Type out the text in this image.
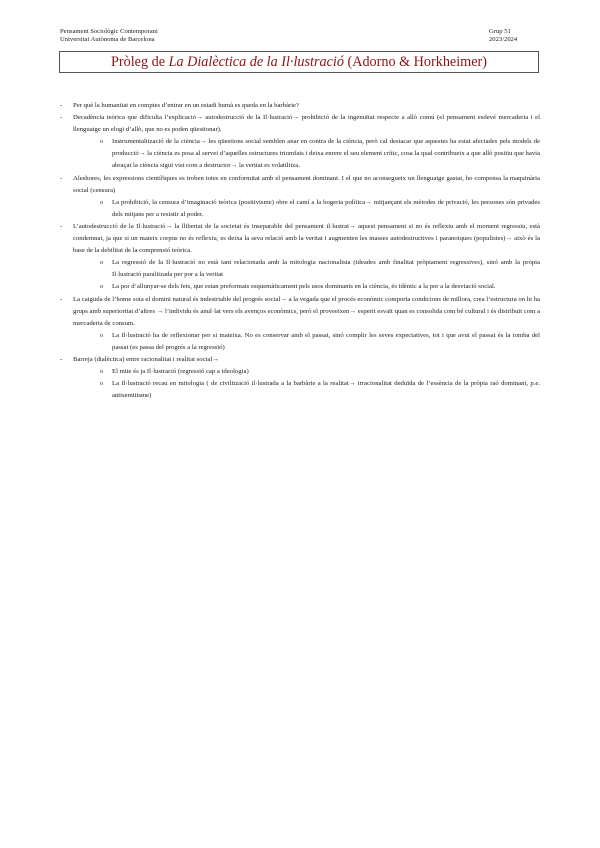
Pensament Sociològic Contemporani
Universitat Autònoma de Barcelona
Grup 51
2023/2024
Pròleg de La Dialèctica de la Il·lustració (Adorno & Horkheimer)
- Per què la humanitat en comptes d’entrar en un estadi humà es queda en la barbàrie?
- Decadència teòrica que dificulta l’explicació→ autodestrucció de la Il·lustració→ prohibició de la ingenuïtat respecte a allò comú (el pensament esdevé mercaderia i el llenguatge un elogi d’allò, que no es poden qüestionar).
o Instrumentalització de la ciència→ les qüestions social semblen anar en contra de la ciència, però cal destacar que aquestes ha estat afectades pels models de producció→ la ciència es posa al servei d’aquelles estructures triomfats i deixa enrere el seu element crític, cosa la qual contribueix a que allò positiu que havia abraçat la ciència sigui vist com a destructor→ la veritat es volatilitza.
- Aleshores, les expressions científiques es troben totes en conformitat amb el pensament dominant. I el que no aconsegueix un llenguatge gastat, ho compensa la maquinària social (censura)
o La prohibició, la censura d’imaginació teòrica (positivisme) obre el camí a la bogeria política→ mitjançant els mètodes de privació, les persones són privades dels mitjans per a resistir al poder.
- L’autodestrucció de la Il·lustració→ la llibertat de la societat és inseparable del pensament il·lustrat→ aquest pensament si no és reflexiu amb el moment regressiu, està condemnat, ja que si un mateix corpus no és reflexiu, es deixa la seva relació amb la veritat i augmenten les masses autodestructives i paranoiques (populistes)→ això és la base de la debilitat de la comprensió teòrica.
o La regressió de la Il·lustració no està tant relacionada amb la mitologia nacionalista (ideades amb finalitat pròpiament regressives), sinó amb la pròpia Il·lustració paralitzada per por a la veritat
o La por d’allunyar-se dels fets, que estan preformats esquemàticament pels usos dominants en la ciència, és idèntic a la por a la desviació social.
- La caiguda de l’home sota el domini natural és indestriable del progrés social→ a la vegada que el procés econòmic comporta condicions de millora, crea l’estructura on hi ha grups amb superioritat d’altres → l’individu és anul·lat vers els avenços econòmics, però el proveeixen→ esperit esvaït quan es consolida com bé cultural i és distribuït com a mercaderia de consum.
o La Il·lustració ha de reflexionar per si mateixa. No es conservar amb el passat, sinó complir les seves expectatives, tot i que avui el passat és la tomba del passat (es passa del progrés a la regressió)
- Barreja (dialèctica) entre racionalitat i realitat social→
o El mite és ja Il·lustració (regressió cap a ideologia)
o La Il·lustració recau en mitologia ( de civilització il·lustrada a la barbàrie a la realitat→ irracionalitat deduïda de l’essència de la pròpia raó dominant, p.e. antisemitisme)
